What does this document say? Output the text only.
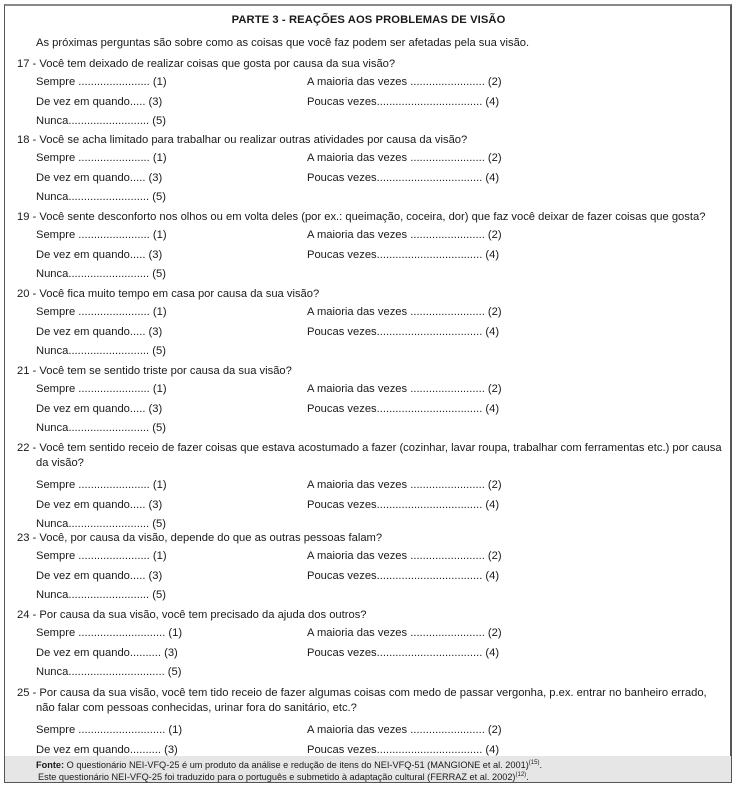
PARTE 3 - REAÇÕES AOS PROBLEMAS DE VISÃO
As próximas perguntas são sobre como as coisas que você faz podem ser afetadas pela sua visão.
17 - Você tem deixado de realizar coisas que gosta por causa da sua visão?
Sempre ....................... (1)	A maioria das vezes ........................ (2)
De vez em quando..... (3)	Poucas vezes.................................. (4)
Nunca.......................... (5)
18 - Você se acha limitado para trabalhar ou realizar outras atividades por causa da visão?
Sempre ....................... (1)	A maioria das vezes ........................ (2)
De vez em quando..... (3)	Poucas vezes.................................. (4)
Nunca.......................... (5)
19 - Você sente desconforto nos olhos ou em volta deles (por ex.: queimação, coceira, dor) que faz você deixar de fazer coisas que gosta?
Sempre ....................... (1)	A maioria das vezes ........................ (2)
De vez em quando..... (3)	Poucas vezes.................................. (4)
Nunca.......................... (5)
20 - Você fica muito tempo em casa por causa da sua visão?
Sempre ....................... (1)	A maioria das vezes ........................ (2)
De vez em quando..... (3)	Poucas vezes.................................. (4)
Nunca.......................... (5)
21 - Você tem se sentido triste por causa da sua visão?
Sempre ....................... (1)	A maioria das vezes ........................ (2)
De vez em quando..... (3)	Poucas vezes.................................. (4)
Nunca.......................... (5)
22 - Você tem sentido receio de fazer coisas que estava acostumado a fazer (cozinhar, lavar roupa, trabalhar com ferramentas etc.) por causa da visão?
Sempre ....................... (1)	A maioria das vezes ........................ (2)
De vez em quando..... (3)	Poucas vezes.................................. (4)
Nunca.......................... (5)
23 - Você, por causa da visão, depende do que as outras pessoas falam?
Sempre ....................... (1)	A maioria das vezes ........................ (2)
De vez em quando..... (3)	Poucas vezes.................................. (4)
Nunca.......................... (5)
24 - Por causa da sua visão, você tem precisado da ajuda dos outros?
Sempre ............................ (1)	A maioria das vezes ........................ (2)
De vez em quando.......... (3)	Poucas vezes.................................. (4)
Nunca............................... (5)
25 - Por causa da sua visão, você tem tido receio de fazer algumas coisas com medo de passar vergonha, p.ex. entrar no banheiro errado, não falar com pessoas conhecidas, urinar fora do sanitário, etc.?
Sempre ............................ (1)	A maioria das vezes ........................ (2)
De vez em quando.......... (3)	Poucas vezes.................................. (4)
Fonte: O questionário NEI-VFQ-25 é um produto da análise e redução de itens do NEI-VFQ-51 (MANGIONE et al. 2001)$^{(15)}$.
Este questionário NEI-VFQ-25 foi traduzido para o português e submetido à adaptação cultural (FERRAZ et al. 2002)$^{(12)}$.
